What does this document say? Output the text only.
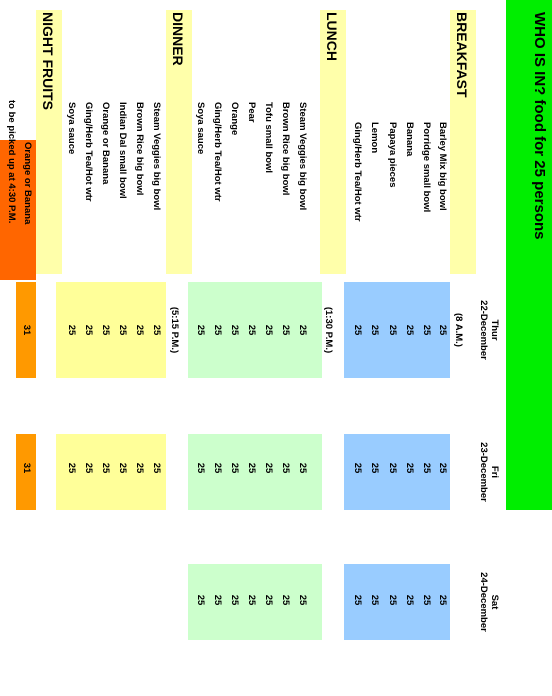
WHO IS IN? food for 25 persons
Thur
22-December
Fri
23-December
Sat
24-December
BREAKFAST
(8 A.M.)
Barley Mix big bowl
Porridge small bowl
Banana
Papaya pieces
Lemon
Ging/Herb Tea/Hot wtr
25
25
25
25
25
25
25
25
25
25
25
25
25
25
25
25
25
25
LUNCH
(1:30 P.M.)
Steam Veggies big bowl
Brown Rice big bowl
Tofu small bowl
Pear
Orange
Ging/Herb Tea/Hot wtr
Soya sauce
25
25
25
25
25
25
25
25
25
25
25
25
25
25
25
25
25
25
25
25
25
DINNER
(5:15 P.M.)
Steam Veggies big bowl
Brown Rice big bowl
Indian Dal small bowl
Orange or Banana
Ging/Herb Tea/Hot wtr
Soya sauce
25
25
25
25
25
25
25
25
25
25
25
25
NIGHT FRUITS
Orange or Banana
to be picked up at 4:30 P.M.
31
31
